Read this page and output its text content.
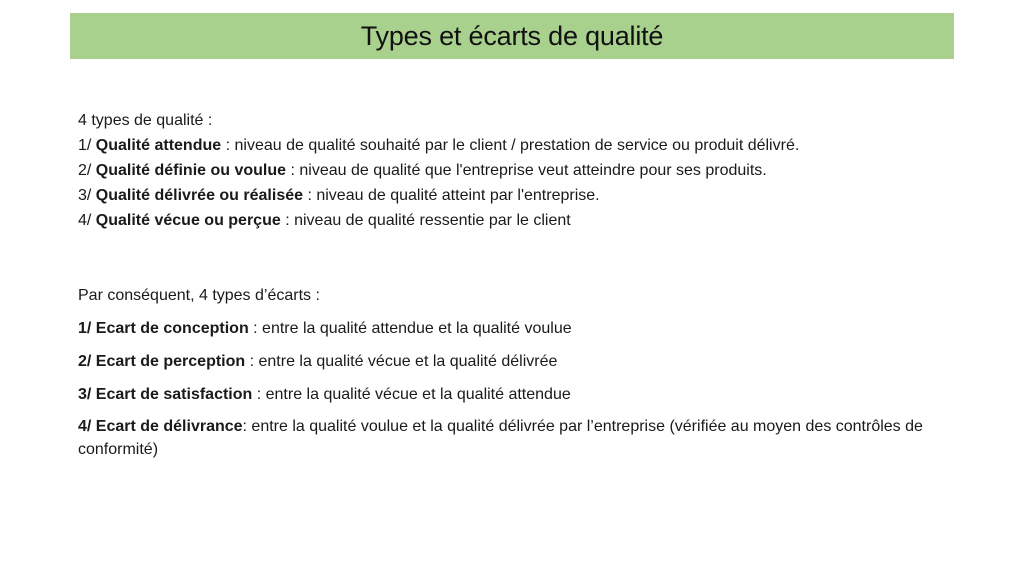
Types et écarts de qualité

4 types de qualité :

1/ Qualité attendue : niveau de qualité souhaité par le client / prestation de service ou produit délivré.

2/ Qualité définie ou voulue : niveau de qualité que l'entreprise veut atteindre pour ses produits.

3/ Qualité délivrée ou réalisée : niveau de qualité atteint par l'entreprise.

4/ Qualité vécue ou perçue : niveau de qualité ressentie par le client

Par conséquent, 4 types d’écarts :

1/ Ecart de conception : entre la qualité attendue et la qualité voulue

2/ Ecart de perception : entre la qualité vécue et la qualité délivrée

3/ Ecart de satisfaction : entre la qualité vécue et la qualité attendue

4/ Ecart de délivrance: entre la qualité voulue et la qualité délivrée par l’entreprise (vérifiée au moyen des contrôles de conformité)
